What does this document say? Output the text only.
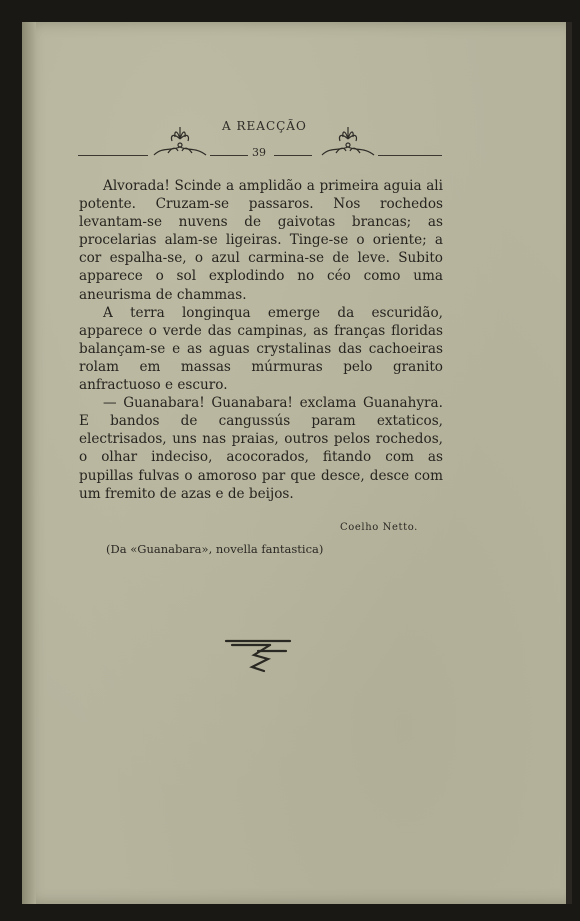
A REACÇÃO
39

Alvorada! Scinde a amplidão a primeira aguia ali potente. Cruzam-se passaros. Nos rochedos levantam-se nuvens de gaivotas brancas; as procelarias alam-se ligeiras. Tinge-se o oriente; a cor espalha-se, o azul carmina-se de leve. Subito apparece o sol explodindo no céo como uma aneurisma de chammas.

A terra longinqua emerge da escuridão, apparece o verde das campinas, as franças floridas balançam-se e as aguas crystalinas das cachoeiras rolam em massas múrmuras pelo granito anfractuoso e escuro.

— Guanabara! Guanabara! exclama Guanahyra. E bandos de cangussús param extaticos, electrisados, uns nas praias, outros pelos rochedos, o olhar indeciso, acocorados, fitando com as pupillas fulvas o amoroso par que desce, desce com um fremito de azas e de beijos.

Coelho Netto.
(Da «Guanabara», novella fantastica)
